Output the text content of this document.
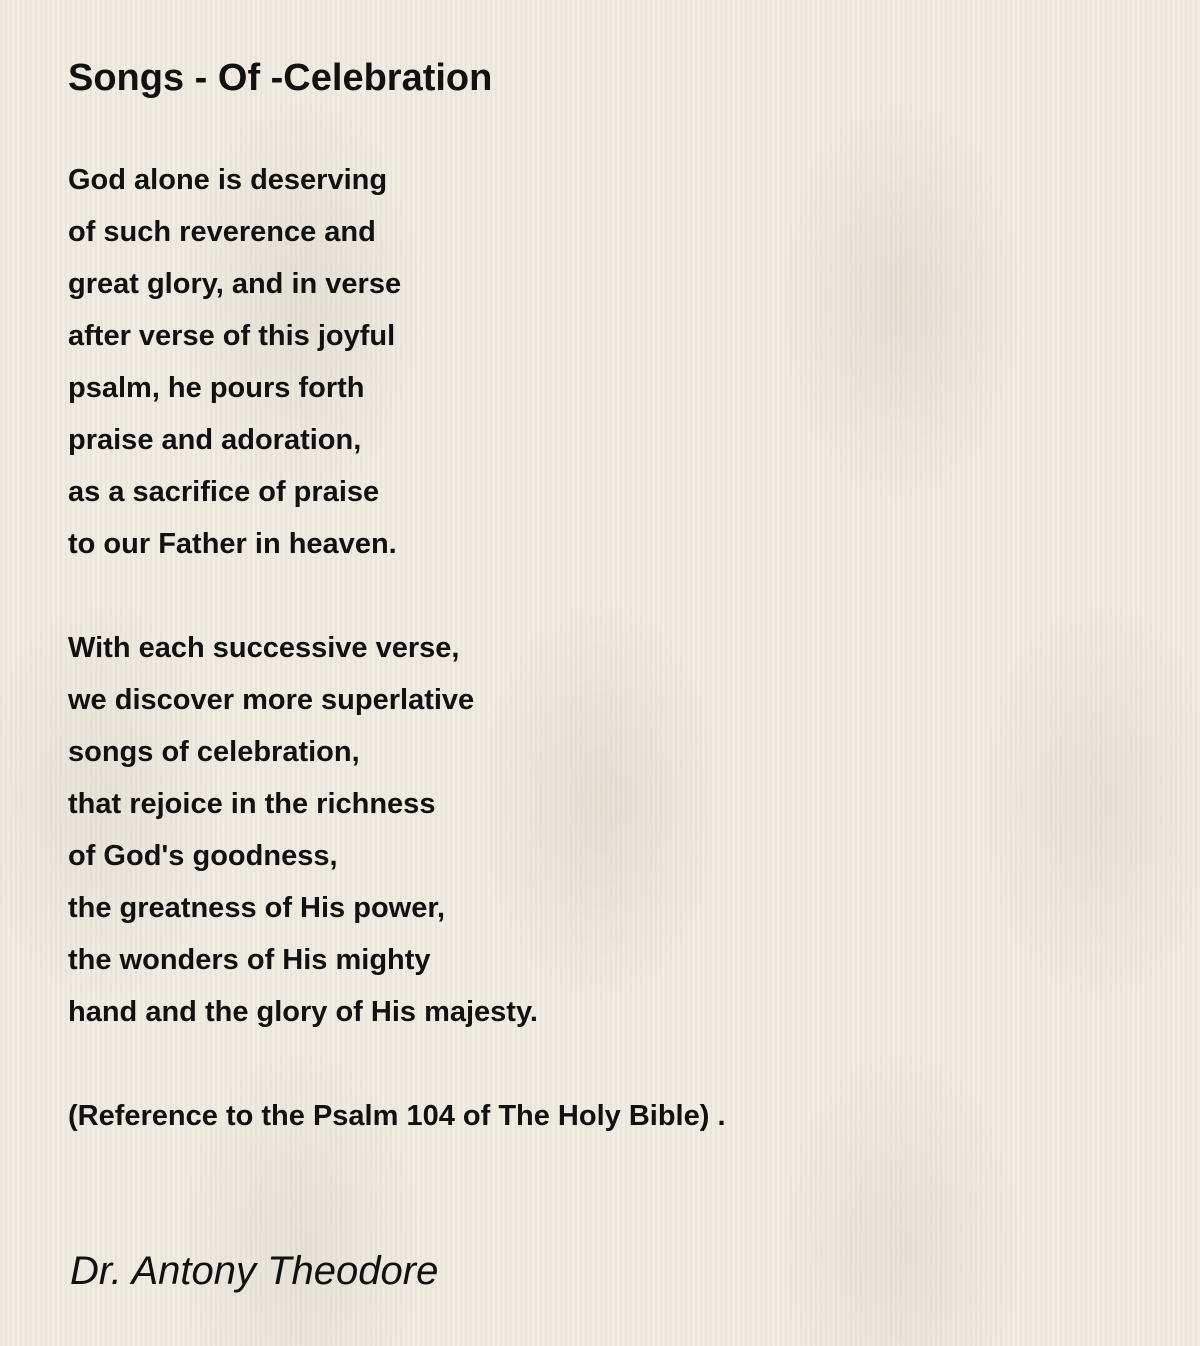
Songs - Of -Celebration
God alone is deserving
of such reverence and
great glory, and in verse
after verse of this joyful
psalm, he pours forth
praise and adoration,
as a sacrifice of praise
to our Father in heaven.
With each successive verse,
we discover more superlative
songs of celebration,
that rejoice in the richness
of God's goodness,
the greatness of His power,
the wonders of His mighty
hand and the glory of His majesty.
(Reference to the Psalm 104 of The Holy Bible) .
Dr. Antony Theodore
